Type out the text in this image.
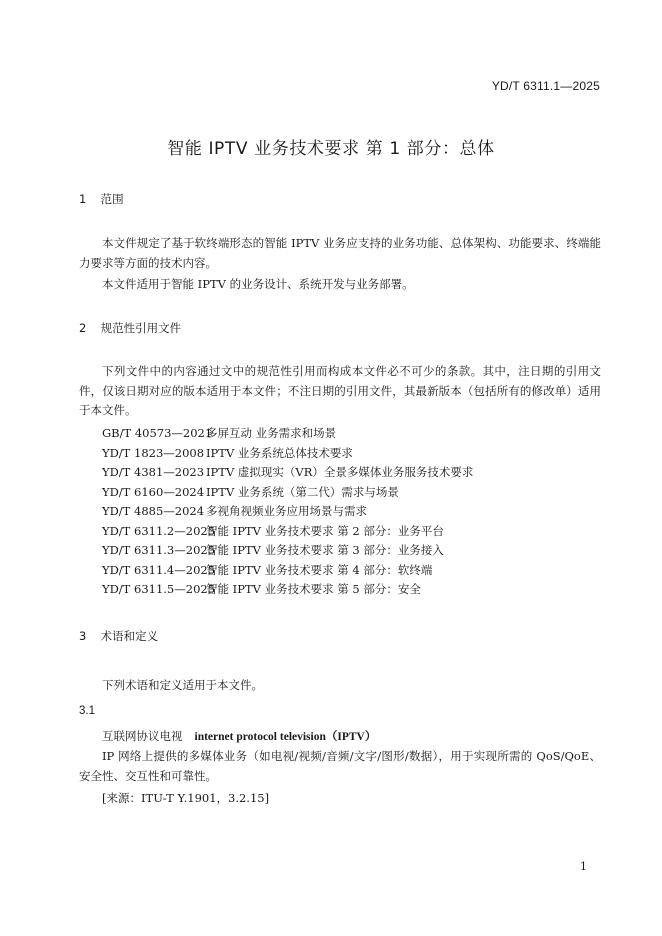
YD/T 6311.1—2025
智能 IPTV 业务技术要求 第 1 部分：总体
1 范围
本文件规定了基于软终端形态的智能 IPTV 业务应支持的业务功能、总体架构、功能要求、终端能力要求等方面的技术内容。
本文件适用于智能 IPTV 的业务设计、系统开发与业务部署。
2 规范性引用文件
下列文件中的内容通过文中的规范性引用而构成本文件必不可少的条款。其中，注日期的引用文件，仅该日期对应的版本适用于本文件；不注日期的引用文件，其最新版本（包括所有的修改单）适用于本文件。
GB/T 40573—2021多屏互动 业务需求和场景
YD/T 1823—2008 IPTV 业务系统总体技术要求
YD/T 4381—2023 IPTV 虚拟现实（VR）全景多媒体业务服务技术要求
YD/T 6160—2024 IPTV 业务系统（第二代）需求与场景
YD/T 4885—2024 多视角视频业务应用场景与需求
YD/T 6311.2—2025智能 IPTV 业务技术要求 第 2 部分：业务平台
YD/T 6311.3—2025智能 IPTV 业务技术要求 第 3 部分：业务接入
YD/T 6311.4—2025智能 IPTV 业务技术要求 第 4 部分：软终端
YD/T 6311.5—2025智能 IPTV 业务技术要求 第 5 部分：安全
3 术语和定义
下列术语和定义适用于本文件。
3.1
互联网协议电视 internet protocol television（IPTV）
IP 网络上提供的多媒体业务（如电视/视频/音频/文字/图形/数据），用于实现所需的 QoS/QoE、安全性、交互性和可靠性。
[来源：ITU-T Y.1901，3.2.15]
1
